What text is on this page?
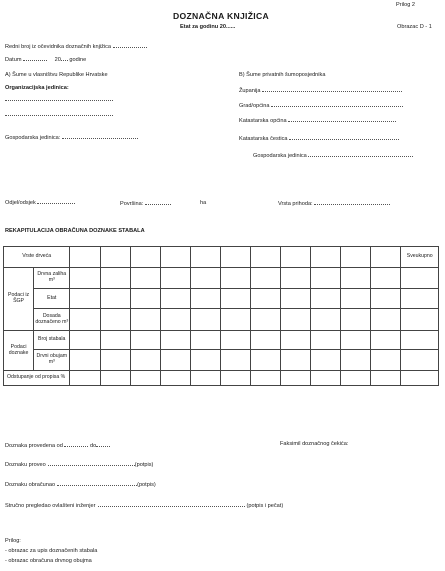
Prilog 2
DOZNAČNA KNJIŽICA
Etat za godinu 20......	Obrazac D - 1
Redni broj iz očevidnika doznačnih knjižica
Datum	20 godine
A) Šume u vlasništvu Republike Hrvatske
Organizacijska jedinica:
Gospodarska jedinica:
B) Šume privatnih šumoposjednika
Županija
Grad/općina
Katastarska općina
Katastarska čestica
Gospodarska jedinica
Odjel/odsjek	Površina:	ha	Vrsta prihoda:
REKAPITULACIJA OBRAČUNA DOZNAKE STABALA
Vrste drveća													Sveukupno
Podaci iz ŠGP	Drvna zaliha m³												
	Etat												
	Dosada doznačeno m³												
Podaci doznake	Broj stabala												
	Drvni obujam m³												
Odstupanje od propisa %													
Doznaka provedena od	do	Faksimil doznačnog čekića:
Doznaku proveo	(potpis)
Doznaku obračunao	(potpis)
Stručno pregledao ovlašteni inženjer	(potpis i pečat)
Prilog:
- obrazac za upis doznačenih stabala
- obrazac obračuna drvnog obujma
